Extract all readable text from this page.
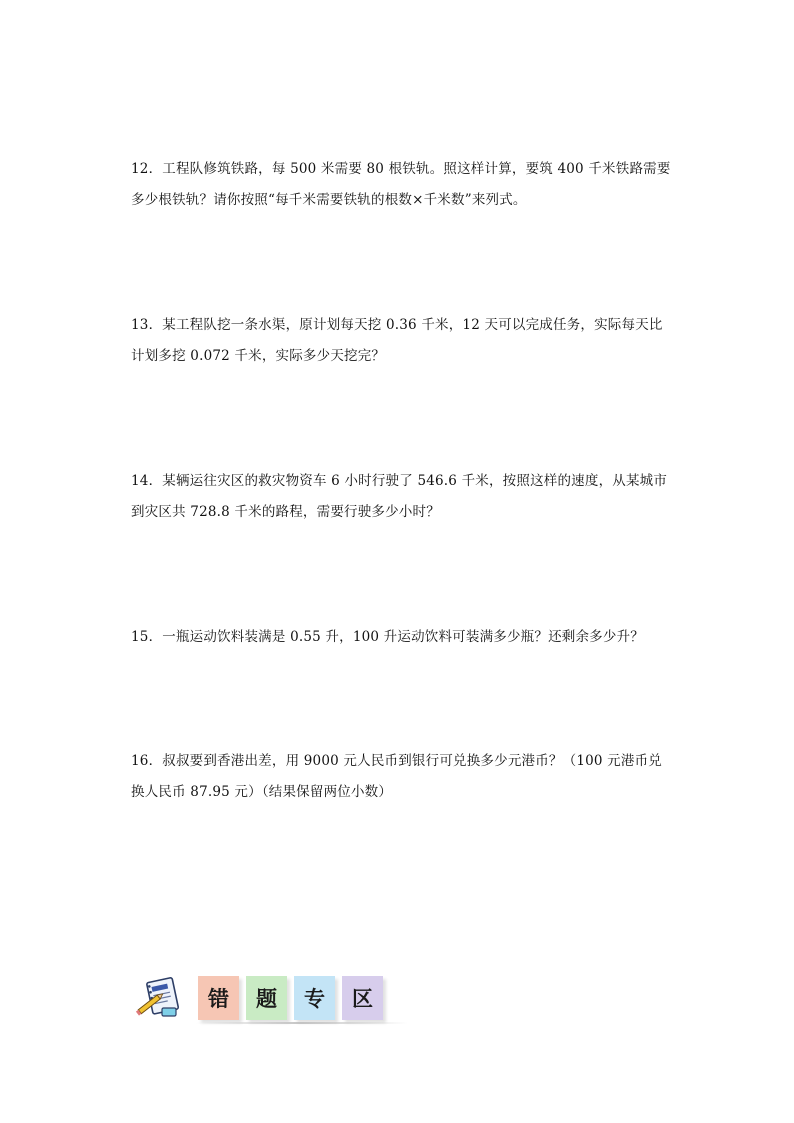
12．工程队修筑铁路，每 500 米需要 80 根铁轨。照这样计算，要筑 400 千米铁路需要

多少根铁轨？请你按照“每千米需要铁轨的根数×千米数”来列式。

13．某工程队挖一条水渠，原计划每天挖 0.36 千米，12 天可以完成任务，实际每天比

计划多挖 0.072 千米，实际多少天挖完？

14．某辆运往灾区的救灾物资车 6 小时行驶了 546.6 千米，按照这样的速度，从某城市

到灾区共 728.8 千米的路程，需要行驶多少小时？

15．一瓶运动饮料装满是 0.55 升，100 升运动饮料可装满多少瓶？还剩余多少升？

16．叔叔要到香港出差，用 9000 元人民币到银行可兑换多少元港币？（100 元港币兑

换人民币 87.95 元）（结果保留两位小数）

错 题 专 区
